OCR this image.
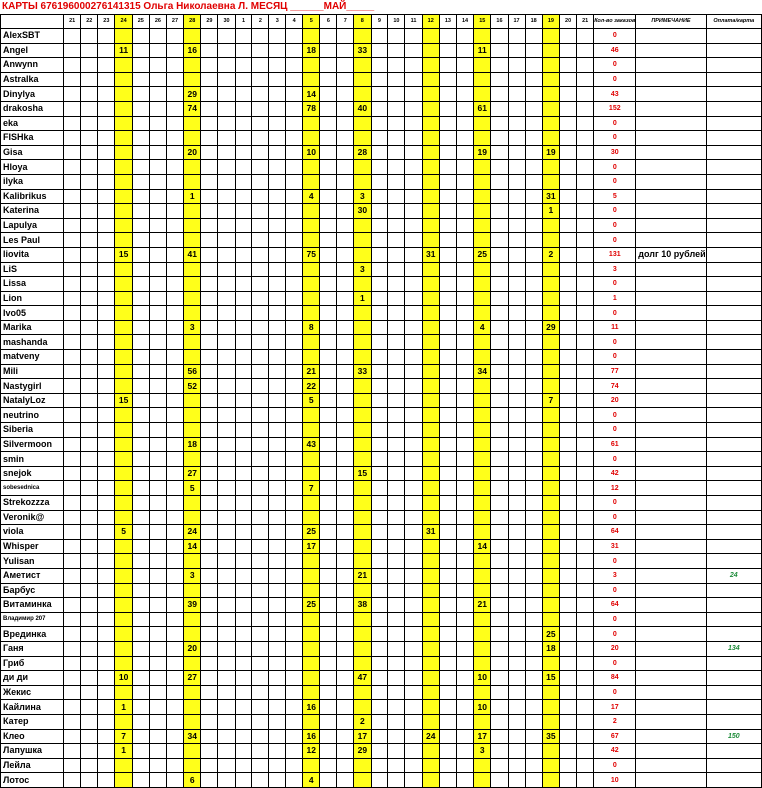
КАРТЫ 676196000276141315 Ольга Николаевна Л. МЕСЯЦ ______МАЙ_____
	21	22	23	24	25	26	27	28	29	30	1	2	3	4	5	6	7	8	9	10	11	12	13	14	15	16	17	18	19	20	21	Кол-во заказов	ПРИМЕЧАНИЕ	Оплата/карта
AlexSBT																																0		
Angel				11				16							18			33							11							46		
Anwynn																																0		
Astralka																																0		
Dinylya								29							14																	43		
drakosha								74							78			40							61							152		
eka																																0		
FISHka																																0		
Gisa								20							10			28							19				19			30		
Hloya																																0		
ilyka																																0		
Kalibrikus								1							4			3											31			5		
Katerina																		30											1			0		
Lapulya																																0		
Les Paul																																0		
liovita				15				41							75							31			25				2			131	долг 10 рублей	
LiS																		3														3		
Lissa																																0		
Lion																		1														1		
Ivo05																																0		
Marika								3							8										4				29			11		
mashanda																																0		
matveny																																0		
Mili								56							21			33							34							77		
Nastygirl								52							22																	74		
NatalyLoz				15											5														7			20		
neutrino																																0		
Siberia																																0		
Silvermoon								18							43																	61		
smin																																0		
snejok								27										15														42		
sobesednica								5							7																	12		
Strekozzza																																0		
Veronik@																																0		
viola				5				24							25							31										64		
Whisper								14							17										14							31		
Yulisan																																0		
Аметист								3										21														3		24
Барбус																																0		
Витаминка								39							25			38							21							64		
Владимир 207																																0		
Врединка																													25			0		
Ганя								20																					18			20		134
Гриб																																0		
ди ди				10				27										47							10				15			84		
Жекис																																0		
Кайлина				1											16										10							17		
Катер																		2														2		
Клео				7				34							16			17				24			17				35			67		150
Лапушка				1											12			29							3							42		
Лейла																																0		
Лотос								6							4																	10		
